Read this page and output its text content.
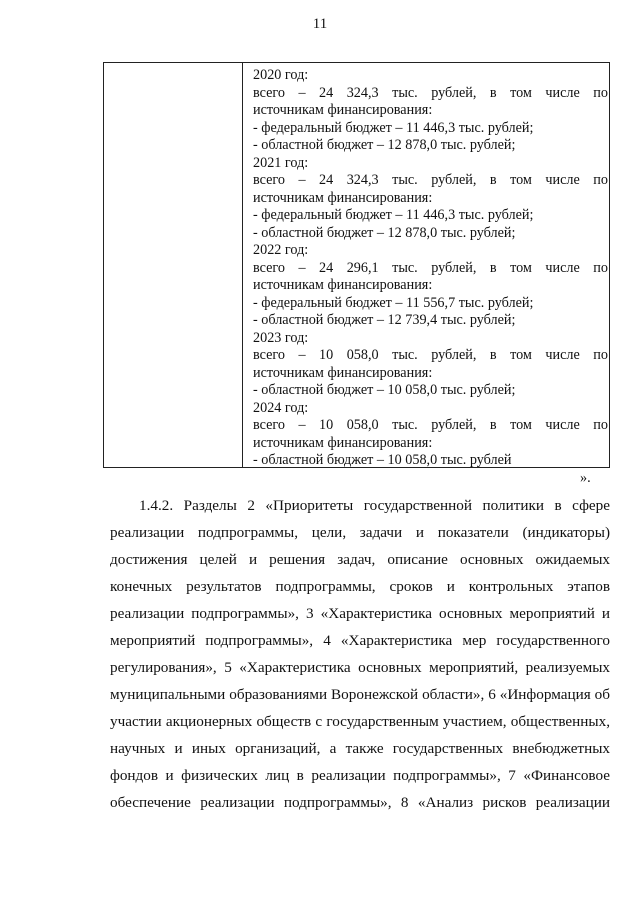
11
2020 год:
всего – 24 324,3 тыс. рублей, в том числе по
источникам финансирования:
- федеральный бюджет – 11 446,3 тыс. рублей;
- областной бюджет – 12 878,0 тыс. рублей;
2021 год:
всего – 24 324,3 тыс. рублей, в том числе по
источникам финансирования:
- федеральный бюджет – 11 446,3 тыс. рублей;
- областной бюджет – 12 878,0 тыс. рублей;
2022 год:
всего – 24 296,1 тыс. рублей, в том числе по
источникам финансирования:
- федеральный бюджет – 11 556,7 тыс. рублей;
- областной бюджет – 12 739,4 тыс. рублей;
2023 год:
всего – 10 058,0 тыс. рублей, в том числе по
источникам финансирования:
- областной бюджет – 10 058,0 тыс. рублей;
2024 год:
всего – 10 058,0 тыс. рублей, в том числе по
источникам финансирования:
- областной бюджет – 10 058,0 тыс. рублей
».
1.4.2. Разделы 2 «Приоритеты государственной политики в сфере
реализации подпрограммы, цели, задачи и показатели (индикаторы)
достижения целей и решения задач, описание основных ожидаемых
конечных результатов подпрограммы, сроков и контрольных этапов
реализации подпрограммы», 3 «Характеристика основных мероприятий и
мероприятий подпрограммы», 4 «Характеристика мер государственного
регулирования», 5 «Характеристика основных мероприятий, реализуемых
муниципальными образованиями Воронежской области», 6 «Информация об
участии акционерных обществ с государственным участием, общественных,
научных и иных организаций, а также государственных внебюджетных
фондов и физических лиц в реализации подпрограммы», 7 «Финансовое
обеспечение реализации подпрограммы», 8 «Анализ рисков реализации
